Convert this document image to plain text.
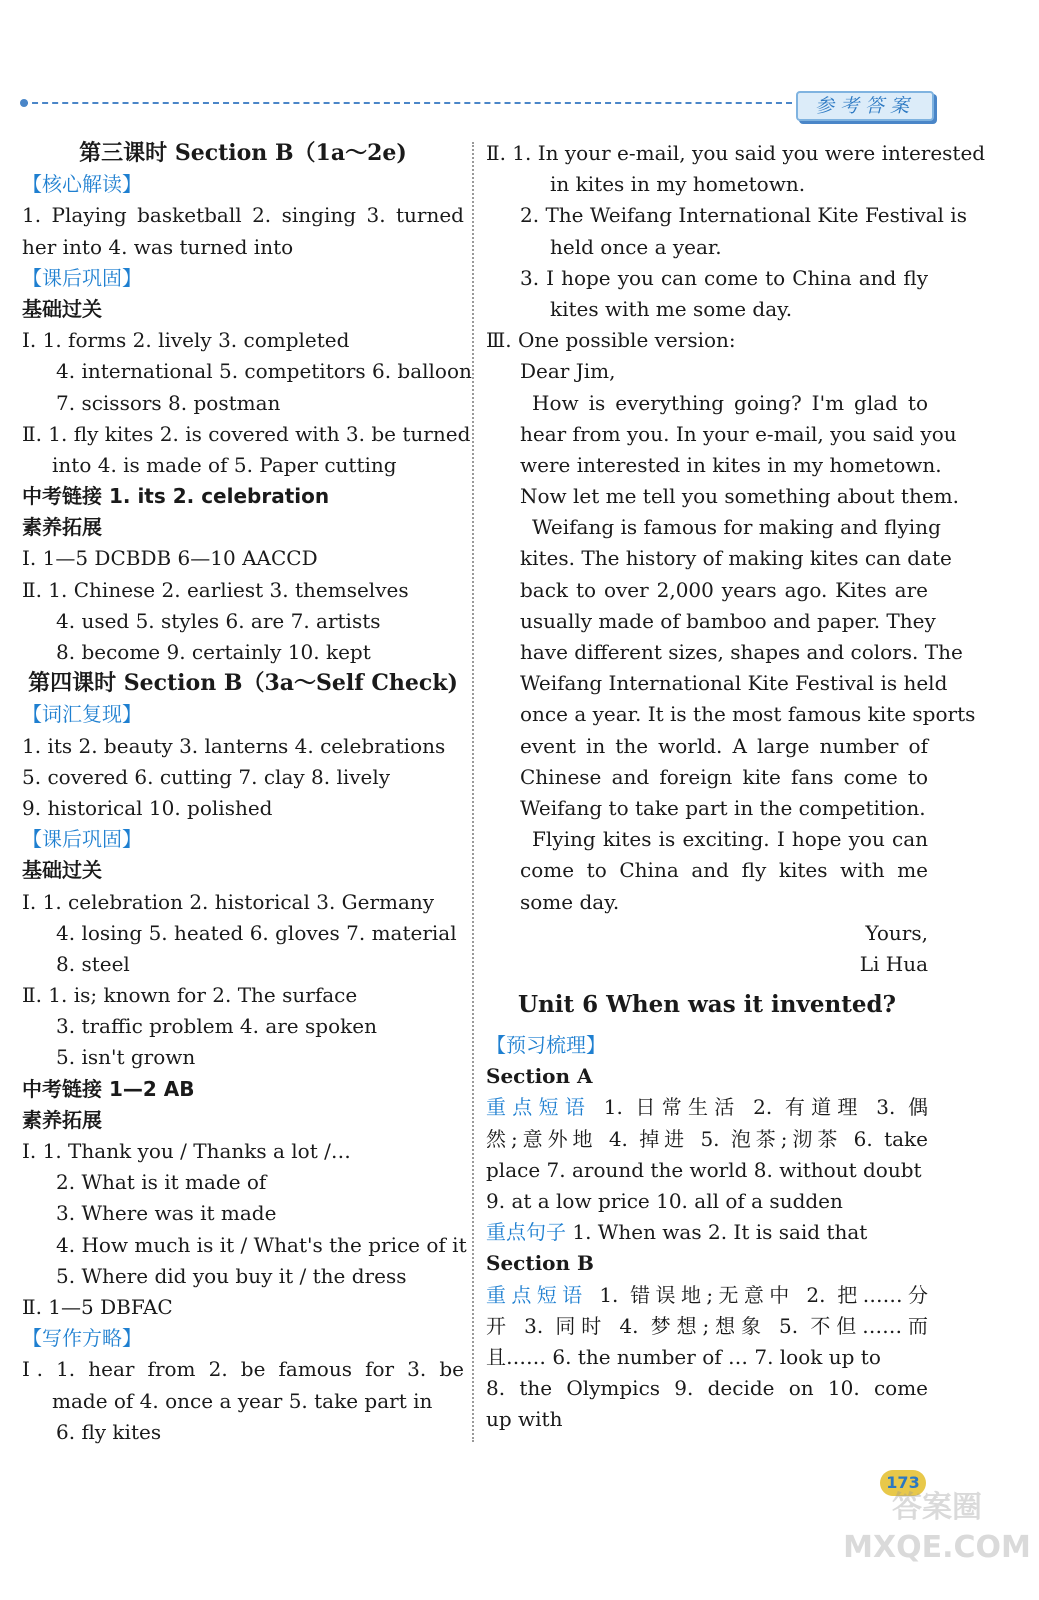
参考答案
第三课时 Section B（1a～2e)
【核心解读】
1. Playing basketball 2. singing 3. turned
her into 4. was turned into
【课后巩固】
基础过关
Ⅰ. 1. forms 2. lively 3. completed
4. international 5. competitors 6. balloon
7. scissors 8. postman
Ⅱ. 1. fly kites 2. is covered with 3. be turned
into 4. is made of 5. Paper cutting
中考链接 1. its 2. celebration
素养拓展
Ⅰ. 1—5 DCBDB 6—10 AACCD
Ⅱ. 1. Chinese 2. earliest 3. themselves
4. used 5. styles 6. are 7. artists
8. become 9. certainly 10. kept
第四课时 Section B（3a～Self Check)
【词汇复现】
1. its 2. beauty 3. lanterns 4. celebrations
5. covered 6. cutting 7. clay 8. lively
9. historical 10. polished
【课后巩固】
基础过关
Ⅰ. 1. celebration 2. historical 3. Germany
4. losing 5. heated 6. gloves 7. material
8. steel
Ⅱ. 1. is; known for 2. The surface
3. traffic problem 4. are spoken
5. isn't grown
中考链接 1—2 AB
素养拓展
Ⅰ. 1. Thank you / Thanks a lot /…
2. What is it made of
3. Where was it made
4. How much is it / What's the price of it
5. Where did you buy it / the dress
Ⅱ. 1—5 DBFAC
【写作方略】
Ⅰ. 1. hear from 2. be famous for 3. be
made of 4. once a year 5. take part in
6. fly kites
Ⅱ. 1. In your e-mail, you said you were interested
in kites in my hometown.
2. The Weifang International Kite Festival is
held once a year.
3. I hope you can come to China and fly
kites with me some day.
Ⅲ. One possible version:
Dear Jim,
How is everything going? I'm glad to
hear from you. In your e-mail, you said you
were interested in kites in my hometown.
Now let me tell you something about them.
Weifang is famous for making and flying
kites. The history of making kites can date
back to over 2,000 years ago. Kites are
usually made of bamboo and paper. They
have different sizes, shapes and colors. The
Weifang International Kite Festival is held
once a year. It is the most famous kite sports
event in the world. A large number of
Chinese and foreign kite fans come to
Weifang to take part in the competition.
Flying kites is exciting. I hope you can
come to China and fly kites with me
some day.
Yours,
Li Hua
Unit 6 When was it invented?
【预习梳理】
Section A
重点短语 1. 日常生活 2. 有道理 3. 偶
然;意外地 4. 掉进 5. 泡茶;沏茶 6. take
place 7. around the world 8. without doubt
9. at a low price 10. all of a sudden
重点句子 1. When was 2. It is said that
Section B
重点短语 1. 错误地;无意中 2. 把……分
开 3. 同时 4. 梦想;想象 5. 不但……而
且…… 6. the number of … 7. look up to
8. the Olympics 9. decide on 10. come
up with
173
答案圈 MXQE.COM
